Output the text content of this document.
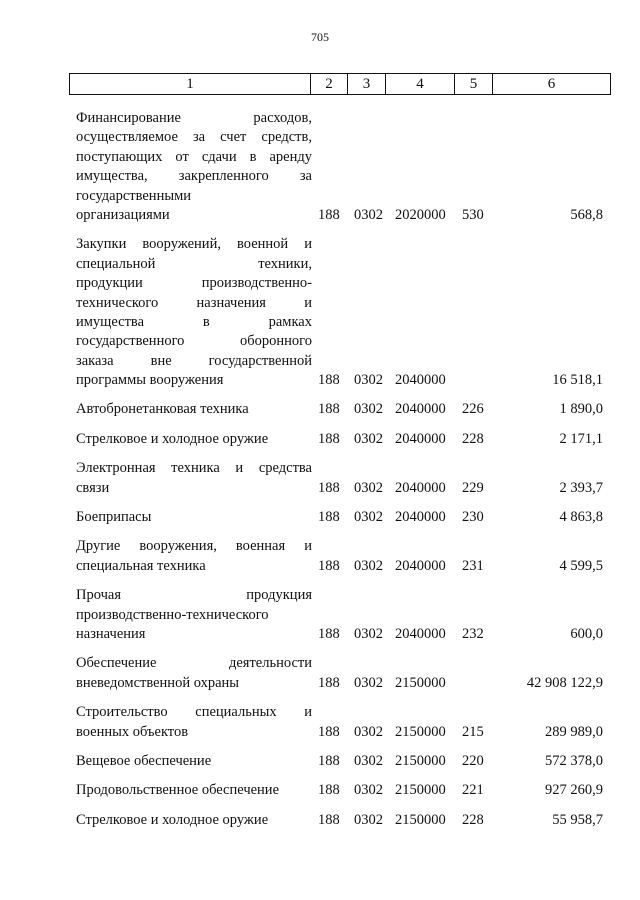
705
1	2	3	4	5	6
Финансирование расходов,
осуществляемое за счет средств,
поступающих от сдачи в аренду
имущества, закрепленного за
государственными
организациями	188 0302 2020000 530	568,8
Закупки вооружений, военной и
специальной техники,
продукции производственно-
технического назначения и
имущества в рамках
государственного оборонного
заказа вне государственной
программы вооружения	188 0302 2040000	16 518,1
Автобронетанковая техника	188 0302 2040000 226	1 890,0
Стрелковое и холодное оружие	188 0302 2040000 228	2 171,1
Электронная техника и средства
связи	188 0302 2040000 229	2 393,7
Боеприпасы	188 0302 2040000 230	4 863,8
Другие вооружения, военная и
специальная техника	188 0302 2040000 231	4 599,5
Прочая продукция
производственно-технического
назначения	188 0302 2040000 232	600,0
Обеспечение деятельности
вневедомственной охраны	188 0302 2150000	42 908 122,9
Строительство специальных и
военных объектов	188 0302 2150000 215	289 989,0
Вещевое обеспечение	188 0302 2150000 220	572 378,0
Продовольственное обеспечение	188 0302 2150000 221	927 260,9
Стрелковое и холодное оружие	188 0302 2150000 228	55 958,7
